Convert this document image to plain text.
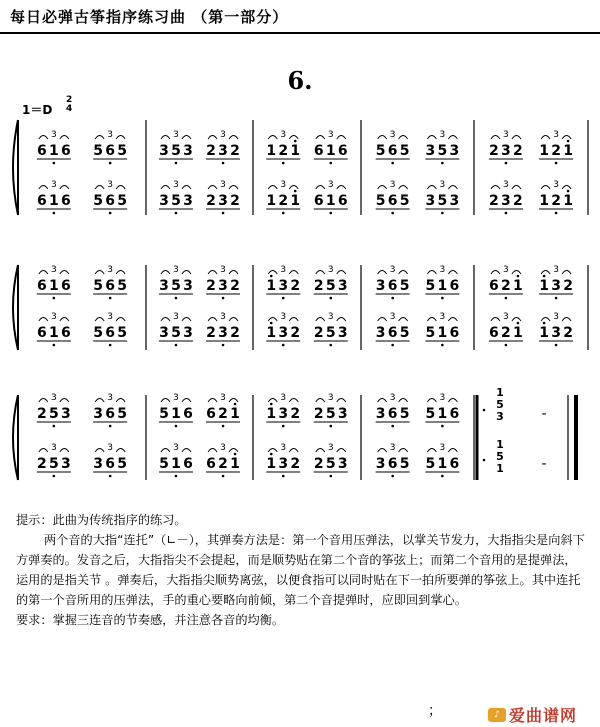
每日必弹古筝指序练习曲 （第一部分）
6.
1＝D
2
4
6 1 6
3
5 6 5
3
3 5 3
3
2 3 2
3
1 2 1
3
6 1 6
3
5 6 5
3
3 5 3
3
2 3 2
3
1 2 1
3
6 1 6
3
5 6 5
3
3 5 3
3
2 3 2
3
1 2 1
3
6 1 6
3
5 6 5
3
3 5 3
3
2 3 2
3
1 2 1
3
6 1 6
3
5 6 5
3
3 5 3
3
2 3 2
3
1 3 2
3
2 5 3
3
3 6 5
3
5 1 6
3
6 2 1
3
1 3 2
3
6 1 6
3
5 6 5
3
3 5 3
3
2 3 2
3
1 3 2
3
2 5 3
3
3 6 5
3
5 1 6
3
6 2 1
3
1 3 2
3
2 5 3
3
3 6 5
3
5 1 6
3
6 2 1
3
1 3 2
3
2 5 3
3
3 6 5
3
5 1 6
3
2 5 3
3
3 6 5
3
5 1 6
3
6 2 1
3
1 3 2
3
2 5 3
3
3 6 5
3
5 1 6
3
1
5
3	-
1
5
1	-

提示：此曲为传统指序的练习。

两个音的大指“连托”（∟－），其弹奏方法是：第一个音用压弹法，以掌关节发力，大指指尖是向斜下方弹奏的。发音之后，大指指尖不会提起，而是顺势贴在第二个音的筝弦上；而第二个音用的是提弹法，运用的是指关节 。弹奏后，大指指尖顺势离弦，以便食指可以同时贴在下一拍所要弹的筝弦上。其中连托的第一个音所用的压弹法，手的重心要略向前倾，第二个音提弹时，应即回到掌心。

要求：掌握三连音的节奏感，并注意各音的均衡。

；	♪ 爱曲谱网
